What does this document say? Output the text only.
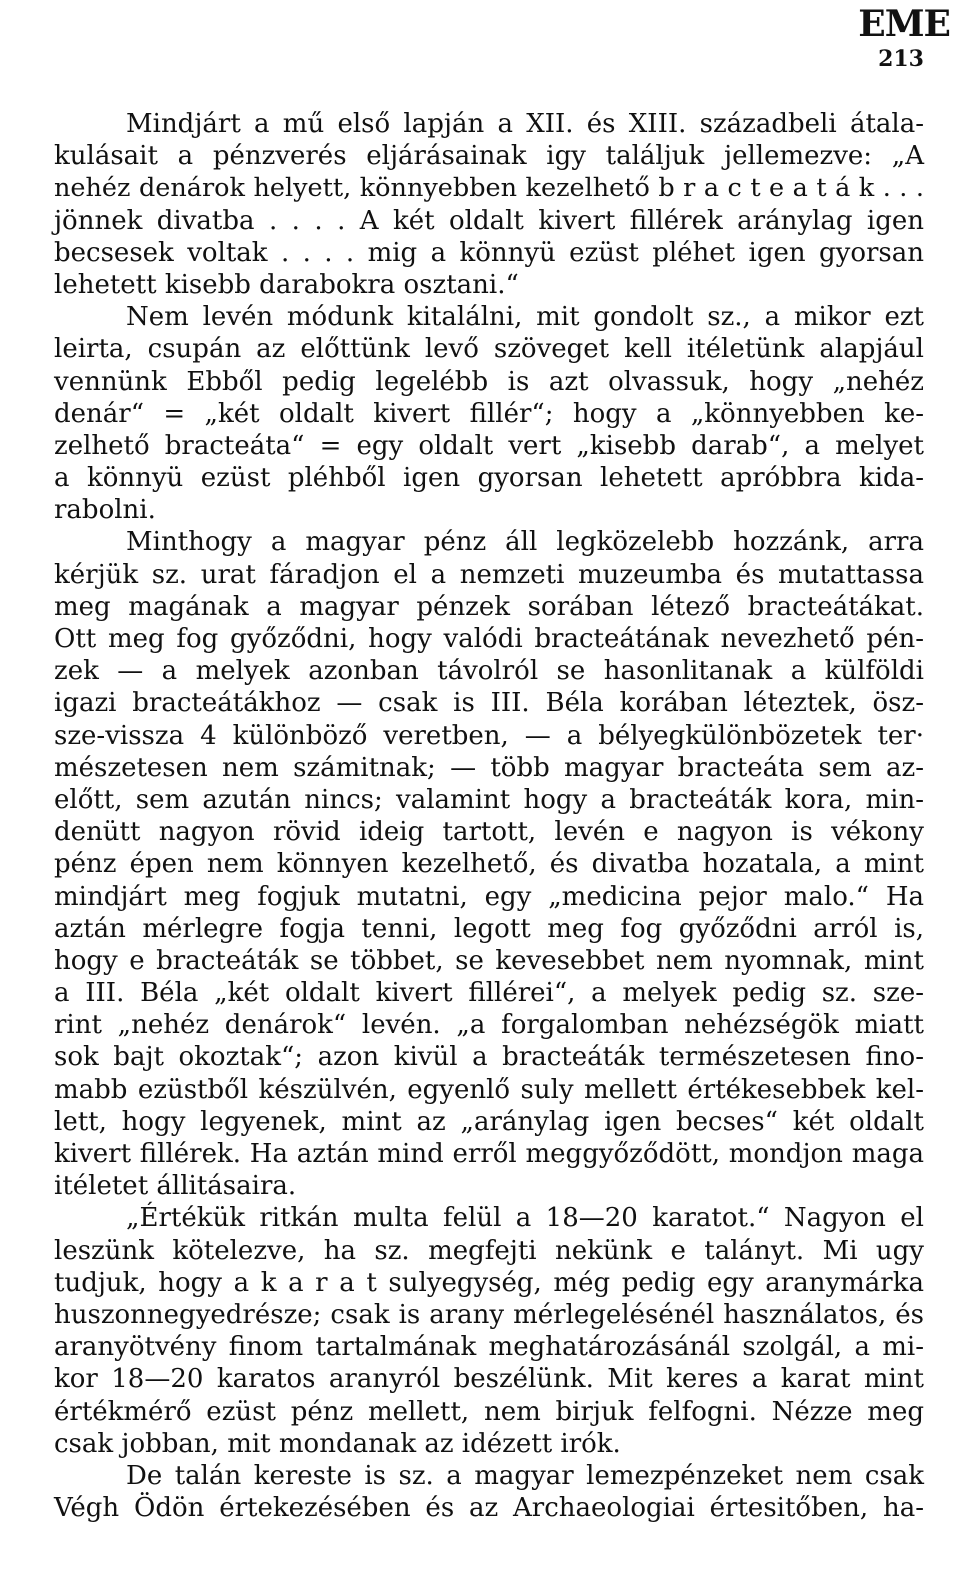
EME
213
Mindjárt a mű első lapján a XII. és XIII. századbeli átala-
kulásait a pénzverés eljárásainak igy találjuk jellemezve: „A
nehéz denárok helyett, könnyebben kezelhető b r a c t e a t á k . . .
jönnek divatba . . . . A két oldalt kivert fillérek aránylag igen
becsesek voltak . . . . mig a könnyü ezüst pléhet igen gyorsan
lehetett kisebb darabokra osztani.“
Nem levén módunk kitalálni, mit gondolt sz., a mikor ezt
leirta, csupán az előttünk levő szöveget kell itéletünk alapjául
vennünk Ebből pedig legelébb is azt olvassuk, hogy „nehéz
denár“ = „két oldalt kivert fillér“; hogy a „könnyebben ke-
zelhető bracteáta“ = egy oldalt vert „kisebb darab“, a melyet
a könnyü ezüst pléhből igen gyorsan lehetett apróbbra kida-
rabolni.
Minthogy a magyar pénz áll legközelebb hozzánk, arra
kérjük sz. urat fáradjon el a nemzeti muzeumba és mutattassa
meg magának a magyar pénzek sorában létező bracteátákat.
Ott meg fog győződni, hogy valódi bracteátának nevezhető pén-
zek — a melyek azonban távolról se hasonlitanak a külföldi
igazi bracteátákhoz — csak is III. Béla korában léteztek, ösz-
sze-vissza 4 különböző veretben, — a bélyegkülönbözetek ter·
mészetesen nem számitnak; — több magyar bracteáta sem az-
előtt, sem azután nincs; valamint hogy a bracteáták kora, min-
denütt nagyon rövid ideig tartott, levén e nagyon is vékony
pénz épen nem könnyen kezelhető, és divatba hozatala, a mint
mindjárt meg fogjuk mutatni, egy „medicina pejor malo.“ Ha
aztán mérlegre fogja tenni, legott meg fog győződni arról is,
hogy e bracteáták se többet, se kevesebbet nem nyomnak, mint
a III. Béla „két oldalt kivert fillérei“, a melyek pedig sz. sze-
rint „nehéz denárok“ levén. „a forgalomban nehézségök miatt
sok bajt okoztak“; azon kivül a bracteáták természetesen fino-
mabb ezüstből készülvén, egyenlő suly mellett értékesebbek kel-
lett, hogy legyenek, mint az „aránylag igen becses“ két oldalt
kivert fillérek. Ha aztán mind erről meggyőződött, mondjon maga
itéletet állitásaira.
„Értékük ritkán multa felül a 18—20 karatot.“ Nagyon el
leszünk kötelezve, ha sz. megfejti nekünk e talányt. Mi ugy
tudjuk, hogy a k a r a t sulyegység, még pedig egy aranymárka
huszonnegyedrésze; csak is arany mérlegelésénél használatos, és
aranyötvény finom tartalmának meghatározásánál szolgál, a mi-
kor 18—20 karatos aranyról beszélünk. Mit keres a karat mint
értékmérő ezüst pénz mellett, nem birjuk felfogni. Nézze meg
csak jobban, mit mondanak az idézett irók.
De talán kereste is sz. a magyar lemezpénzeket nem csak
Végh Ödön értekezésében és az Archaeologiai értesitőben, ha-
